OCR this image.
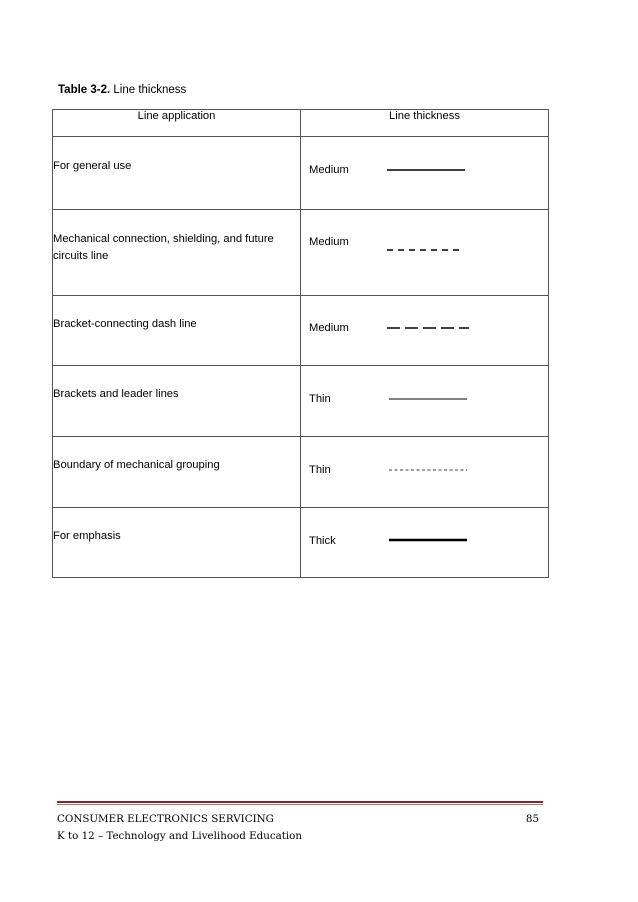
Table 3-2. Line thickness
Line application	Line thickness

For general use	Medium

Mechanical connection, shielding, and future
circuits line	Medium

Bracket-connecting dash line	Medium

Brackets and leader lines	Thin

Boundary of mechanical grouping	Thin

For emphasis	Thick
CONSUMER ELECTRONICS SERVICING
K to 12 – Technology and Livelihood Education
85
